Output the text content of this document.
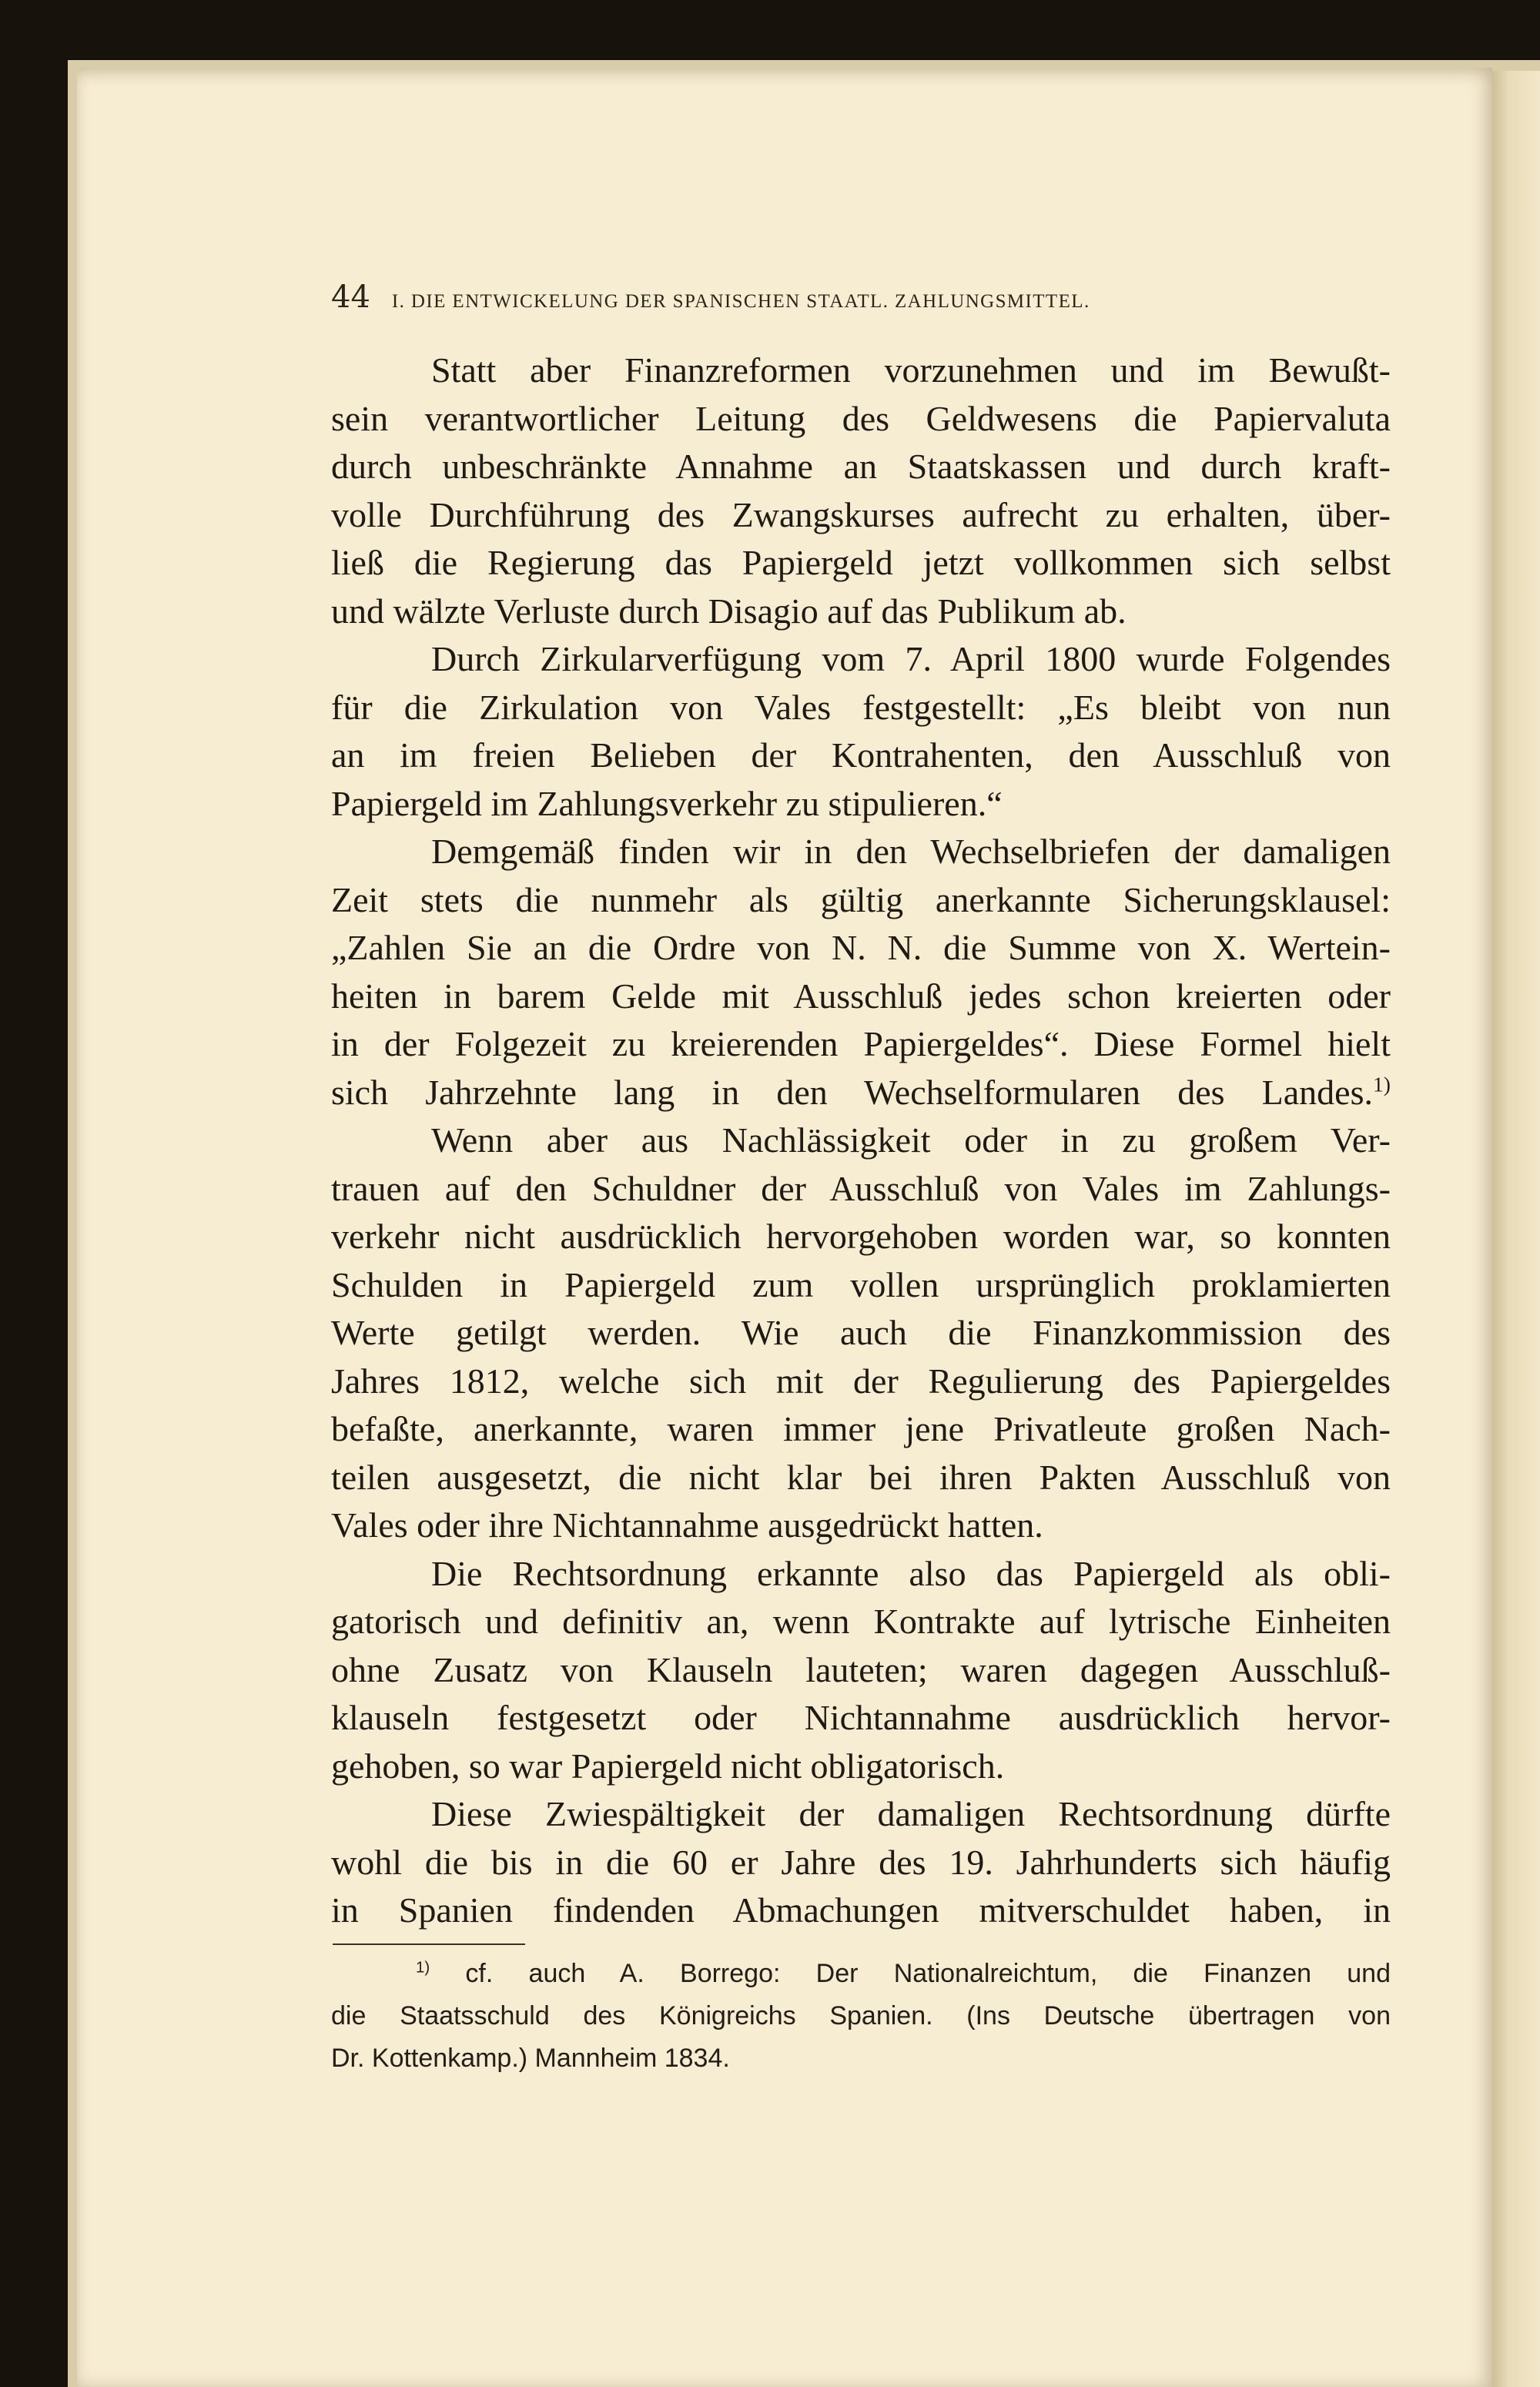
44 I. DIE ENTWICKELUNG DER SPANISCHEN STAATL. ZAHLUNGSMITTEL.
Statt aber Finanzreformen vorzunehmen und im Bewußt-
sein verantwortlicher Leitung des Geldwesens die Papiervaluta
durch unbeschränkte Annahme an Staatskassen und durch kraft-
volle Durchführung des Zwangskurses aufrecht zu erhalten, über-
ließ die Regierung das Papiergeld jetzt vollkommen sich selbst
und wälzte Verluste durch Disagio auf das Publikum ab.
Durch Zirkularverfügung vom 7. April 1800 wurde Folgendes
für die Zirkulation von Vales festgestellt: „Es bleibt von nun
an im freien Belieben der Kontrahenten, den Ausschluß von
Papiergeld im Zahlungsverkehr zu stipulieren.“
Demgemäß finden wir in den Wechselbriefen der damaligen
Zeit stets die nunmehr als gültig anerkannte Sicherungsklausel:
„Zahlen Sie an die Ordre von N. N. die Summe von X. Wertein-
heiten in barem Gelde mit Ausschluß jedes schon kreierten oder
in der Folgezeit zu kreierenden Papiergeldes“. Diese Formel hielt
sich Jahrzehnte lang in den Wechselformularen des Landes.$^{1)}$
Wenn aber aus Nachlässigkeit oder in zu großem Ver-
trauen auf den Schuldner der Ausschluß von Vales im Zahlungs-
verkehr nicht ausdrücklich hervorgehoben worden war, so konnten
Schulden in Papiergeld zum vollen ursprünglich proklamierten
Werte getilgt werden. Wie auch die Finanzkommission des
Jahres 1812, welche sich mit der Regulierung des Papiergeldes
befaßte, anerkannte, waren immer jene Privatleute großen Nach-
teilen ausgesetzt, die nicht klar bei ihren Pakten Ausschluß von
Vales oder ihre Nichtannahme ausgedrückt hatten.
Die Rechtsordnung erkannte also das Papiergeld als obli-
gatorisch und definitiv an, wenn Kontrakte auf lytrische Einheiten
ohne Zusatz von Klauseln lauteten; waren dagegen Ausschluß-
klauseln festgesetzt oder Nichtannahme ausdrücklich hervor-
gehoben, so war Papiergeld nicht obligatorisch.
Diese Zwiespältigkeit der damaligen Rechtsordnung dürfte
wohl die bis in die 60 er Jahre des 19. Jahrhunderts sich häufig
in Spanien findenden Abmachungen mitverschuldet haben, in
$^{1)}$ cf. auch A. Borrego: Der Nationalreichtum, die Finanzen und
die Staatsschuld des Königreichs Spanien. (Ins Deutsche übertragen von
Dr. Kottenkamp.) Mannheim 1834.
